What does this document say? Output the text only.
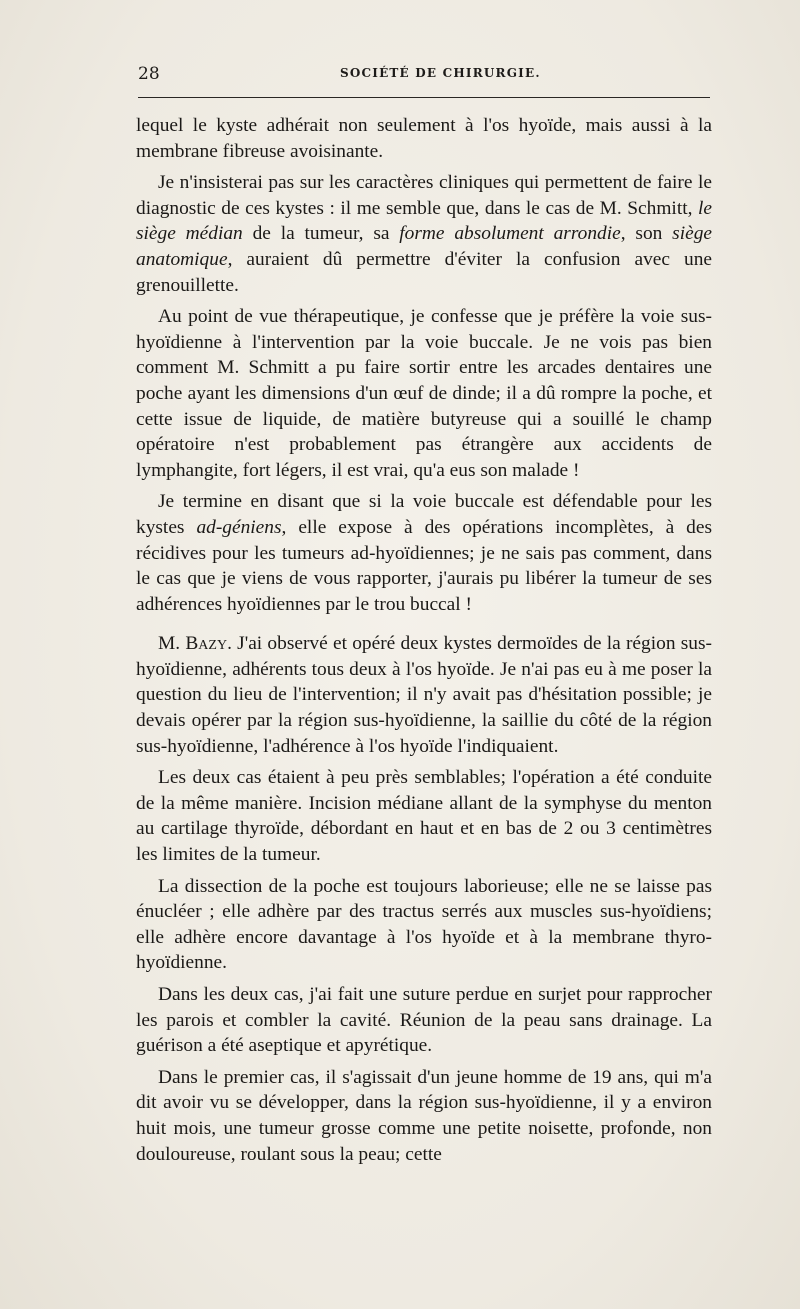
28	SOCIÉTÉ DE CHIRURGIE.

lequel le kyste adhérait non seulement à l'os hyoïde, mais aussi à la membrane fibreuse avoisinante.

Je n'insisterai pas sur les caractères cliniques qui permettent de faire le diagnostic de ces kystes : il me semble que, dans le cas de M. Schmitt, le siège médian de la tumeur, sa forme absolument arrondie, son siège anatomique, auraient dû permettre d'éviter la confusion avec une grenouillette.

Au point de vue thérapeutique, je confesse que je préfère la voie sus-hyoïdienne à l'intervention par la voie buccale. Je ne vois pas bien comment M. Schmitt a pu faire sortir entre les arcades dentaires une poche ayant les dimensions d'un œuf de dinde; il a dû rompre la poche, et cette issue de liquide, de matière butyreuse qui a souillé le champ opératoire n'est probablement pas étrangère aux accidents de lymphangite, fort légers, il est vrai, qu'a eus son malade !

Je termine en disant que si la voie buccale est défendable pour les kystes ad-géniens, elle expose à des opérations incomplètes, à des récidives pour les tumeurs ad-hyoïdiennes; je ne sais pas comment, dans le cas que je viens de vous rapporter, j'aurais pu libérer la tumeur de ses adhérences hyoïdiennes par le trou buccal !

M. Bazy. J'ai observé et opéré deux kystes dermoïdes de la région sus-hyoïdienne, adhérents tous deux à l'os hyoïde. Je n'ai pas eu à me poser la question du lieu de l'intervention; il n'y avait pas d'hésitation possible; je devais opérer par la région sus-hyoïdienne, la saillie du côté de la région sus-hyoïdienne, l'adhérence à l'os hyoïde l'indiquaient.

Les deux cas étaient à peu près semblables; l'opération a été conduite de la même manière. Incision médiane allant de la symphyse du menton au cartilage thyroïde, débordant en haut et en bas de 2 ou 3 centimètres les limites de la tumeur.

La dissection de la poche est toujours laborieuse; elle ne se laisse pas énucléer ; elle adhère par des tractus serrés aux muscles sus-hyoïdiens; elle adhère encore davantage à l'os hyoïde et à la membrane thyro-hyoïdienne.

Dans les deux cas, j'ai fait une suture perdue en surjet pour rapprocher les parois et combler la cavité. Réunion de la peau sans drainage. La guérison a été aseptique et apyrétique.

Dans le premier cas, il s'agissait d'un jeune homme de 19 ans, qui m'a dit avoir vu se développer, dans la région sus-hyoïdienne, il y a environ huit mois, une tumeur grosse comme une petite noisette, profonde, non douloureuse, roulant sous la peau; cette
